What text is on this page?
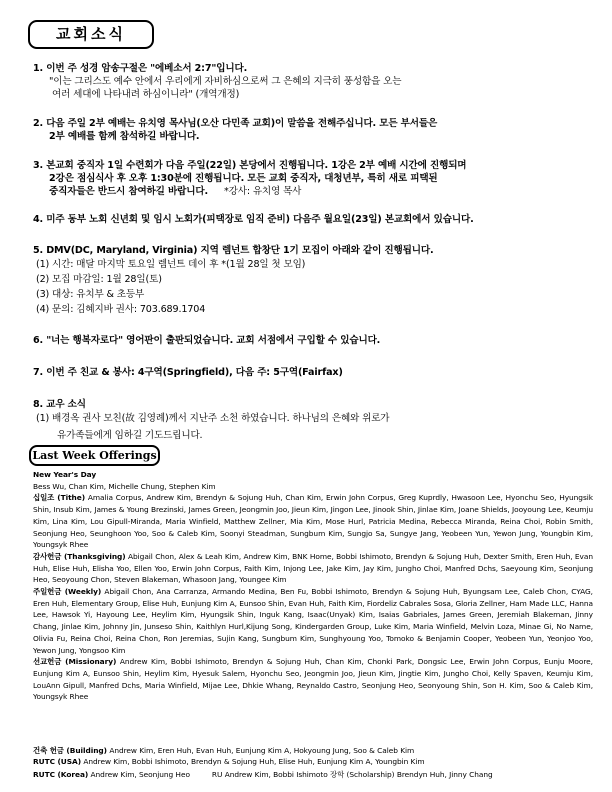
교회소식
1. 이번 주 성경 암송구절은 "에베소서 2:7"입니다.
"이는 그리스도 예수 안에서 우리에게 자비하심으로써 그 은혜의 지극히 풍성함을 오는
여러 세대에 나타내려 하심이니라" (개역개정)
2. 다음 주일 2부 예배는 유치영 목사님(오산 다민족 교회)이 말씀을 전해주십니다. 모든 부서들은
2부 예배를 함께 참석하길 바랍니다.
3. 본교회 중직자 1일 수련회가 다음 주일(22일) 본당에서 진행됩니다. 1강은 2부 예배 시간에 진행되며
2강은 점심식사 후 오후 1:30분에 진행됩니다. 모든 교회 중직자, 대청년부, 특히 새로 피택된
중직자들은 반드시 참여하길 바랍니다. *강사: 유치영 목사
4. 미주 동부 노회 신년회 및 임시 노회가(피택장로 임직 준비) 다음주 월요일(23일) 본교회에서 있습니다.
5. DMV(DC, Maryland, Virginia) 지역 렘넌트 합창단 1기 모집이 아래와 같이 진행됩니다.
(1) 시간: 매달 마지막 토요일 렘넌트 데이 후 *(1월 28일 첫 모임)
(2) 모집 마감일: 1월 28일(토)
(3) 대상: 유치부 & 초등부
(4) 문의: 김혜지바 권사: 703.689.1704
6. "너는 행복자로다" 영어판이 출판되었습니다. 교회 서점에서 구입할 수 있습니다.
7. 이번 주 친교 & 봉사: 4구역(Springfield), 다음 주: 5구역(Fairfax)
8. 교우 소식
(1) 배경옥 권사 모친(故 김영례)께서 지난주 소천 하였습니다. 하나님의 은혜와 위로가
유가족들에게 임하길 기도드립니다.
Last Week Offerings
New Year's Day
Bess Wu, Chan Kim, Michelle Chung, Stephen Kim
십일조 (Tithe) Amalia Corpus, Andrew Kim, Brendyn & Sojung Huh, Chan Kim, Erwin John Corpus, Greg Kuprdly, Hwasoon Lee, Hyonchu Seo, Hyungsik Shin, Insub Kim, James & Young Brezinski, James Green, Jeongmin Joo, Jieun Kim, Jingon Lee, Jinook Shin, Jinlae Kim, Joane Shields, Jooyoung Lee, Keumju Kim, Lina Kim, Lou Gipull-Miranda, Maria Winfield, Matthew Zellner, Mia Kim, Mose Hurl, Patricia Medina, Rebecca Miranda, Reina Choi, Robin Smith, Seonjung Heo, Seunghoon Yoo, Soo & Caleb Kim, Soonyi Steadman, Sungbum Kim, Sungjo Sa, Sungye Jang, Yeobeen Yun, Yewon Jung, Youngbin Kim, Youngsyk Rhee
감사헌금 (Thanksgiving) Abigail Chon, Alex & Leah Kim, Andrew Kim, BNK Home, Bobbi Ishimoto, Brendyn & Sojung Huh, Dexter Smith, Eren Huh, Evan Huh, Elise Huh, Elisha Yoo, Ellen Yoo, Erwin John Corpus, Faith Kim, Injong Lee, Jake Kim, Jay Kim, Jungho Choi, Manfred Dchs, Saeyoung Kim, Seonjung Heo, Seoyoung Chon, Steven Blakeman, Whasoon Jang, Youngee Kim
주일헌금 (Weekly) Abigail Chon, Ana Carranza, Armando Medina, Ben Fu, Bobbi Ishimoto, Brendyn & Sojung Huh, Byungsam Lee, Caleb Chon, CYAG, Eren Huh, Elementary Group, Elise Huh, Eunjung Kim A, Eunsoo Shin, Evan Huh, Faith Kim, Fiordeliz Cabrales Sosa, Gloria Zellner, Ham Made LLC, Hanna Lee, Hawsok Yi, Hayoung Lee, Heylim Kim, Hyungsik Shin, Inguk Kang, Isaac(Unyak) Kim, Isaias Gabriales, James Green, Jeremiah Blakeman, Jinny Chang, Jinlae Kim, Johnny Jin, Junseso Shin, Kaithlyn Hurl,Kijung Song, Kindergarden Group, Luke Kim, Maria Winfield, Melvin Loza, Minae Gi, No Name, Olivia Fu, Reina Choi, Reina Chon, Ron Jeremias, Sujin Kang, Sungbum Kim, Sunghyoung Yoo, Tomoko & Benjamin Cooper, Yeobeen Yun, Yeonjoo Yoo, Yewon Jung, Yongsoo Kim
선교헌금 (Missionary) Andrew Kim, Bobbi Ishimoto, Brendyn & Sojung Huh, Chan Kim, Chonki Park, Dongsic Lee, Erwin John Corpus, Eunju Moore, Eunjung Kim A, Eunsoo Shin, Heylim Kim, Hyesuk Salem, Hyonchu Seo, Jeongmin Joo, Jieun Kim, Jingtie Kim, Jungho Choi, Kelly Spaven, Keumju Kim, LouAnn Gipull, Manfred Dchs, Maria Winfield, Mijae Lee, Dhkie Whang, Reynaldo Castro, Seonjung Heo, Seonyoung Shin, Son H. Kim, Soo & Caleb Kim, Youngsyk Rhee
건축 헌금 (Building) Andrew Kim, Eren Huh, Evan Huh, Eunjung Kim A, Hokyoung Jung, Soo & Caleb Kim
RUTC (USA) Andrew Kim, Bobbi Ishimoto, Brendyn & Sojung Huh, Elise Huh, Eunjung Kim A, Youngbin Kim
RUTC (Korea) Andrew Kim, Seonjung Heo	RU Andrew Kim, Bobbi Ishimoto 장학 (Scholarship) Brendyn Huh, Jinny Chang
